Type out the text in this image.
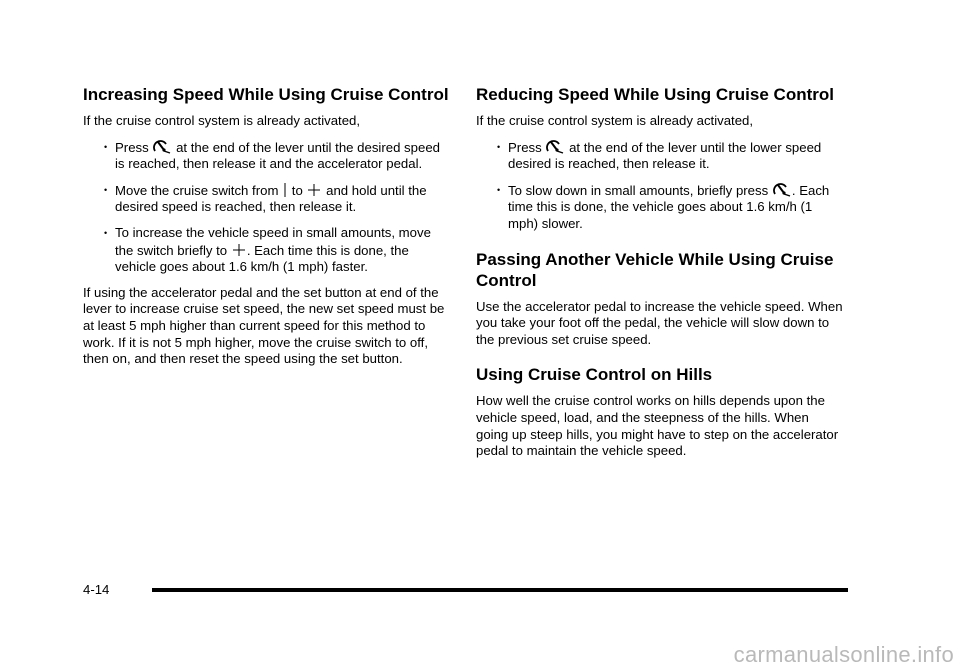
Increasing Speed While Using Cruise Control

If the cruise control system is already activated,

• Press at the end of the lever until the desired speed is reached, then release it and the accelerator pedal.
• Move the cruise switch from to and hold until the desired speed is reached, then release it.
• To increase the vehicle speed in small amounts, move the switch briefly to . Each time this is done, the vehicle goes about 1.6 km/h (1 mph) faster.

If using the accelerator pedal and the set button at end of the lever to increase cruise set speed, the new set speed must be at least 5 mph higher than current speed for this method to work. If it is not 5 mph higher, move the cruise switch to off, then on, and then reset the speed using the set button.

Reducing Speed While Using Cruise Control

If the cruise control system is already activated,

• Press at the end of the lever until the lower speed desired is reached, then release it.
• To slow down in small amounts, briefly press . Each time this is done, the vehicle goes about 1.6 km/h (1 mph) slower.
Passing Another Vehicle While Using Cruise Control

Use the accelerator pedal to increase the vehicle speed. When you take your foot off the pedal, the vehicle will slow down to the previous set cruise speed.

Using Cruise Control on Hills

How well the cruise control works on hills depends upon the vehicle speed, load, and the steepness of the hills. When going up steep hills, you might have to step on the accelerator pedal to maintain the vehicle speed.

4-14
carmanualsonline.info
